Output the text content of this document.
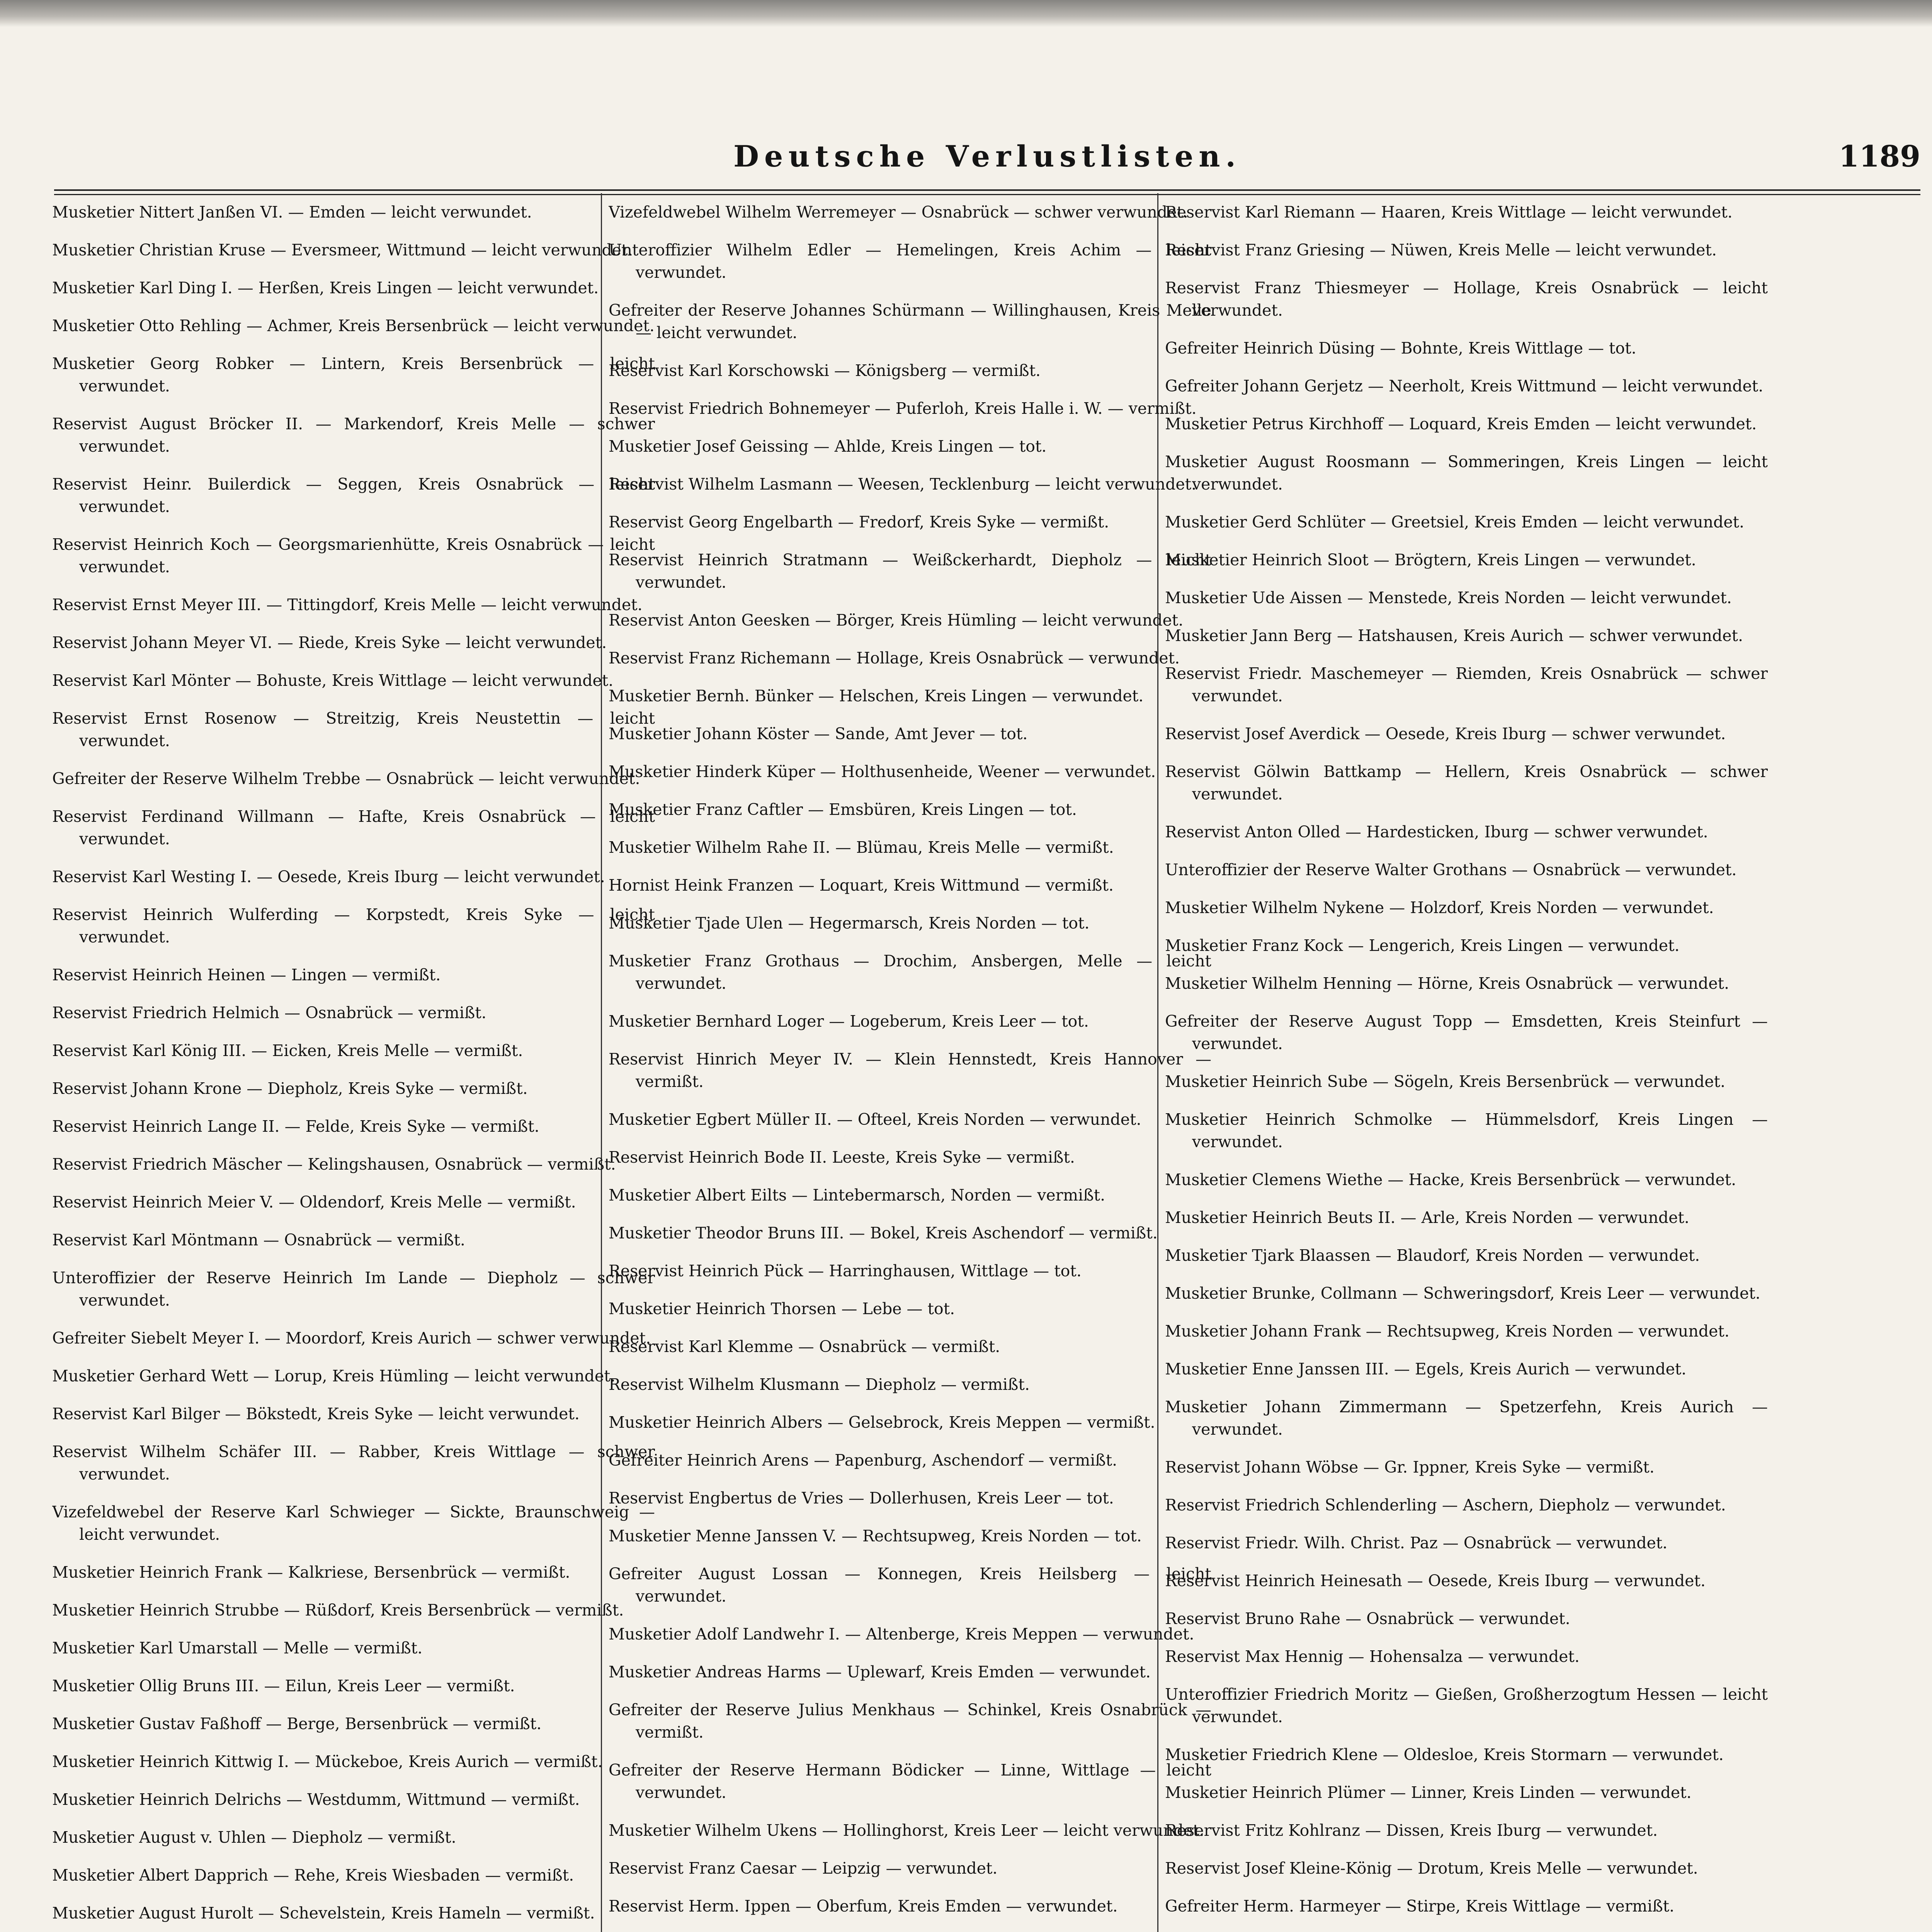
Deutsche Verlustlisten.	1189

Musketier Nittert Janßen VI. — Emden — leicht verwundet.

Musketier Christian Kruse — Eversmeer, Wittmund — leicht verwundet.

Musketier Karl Ding I. — Herßen, Kreis Lingen — leicht verwundet.

Musketier Otto Rehling — Achmer, Kreis Bersenbrück — leicht verwundet.

Musketier Georg Robker — Lintern, Kreis Bersenbrück — leicht verwundet.

Reservist August Bröcker II. — Markendorf, Kreis Melle — schwer verwundet.

Reservist Heinr. Builerdick — Seggen, Kreis Osnabrück — leicht verwundet.

Reservist Heinrich Koch — Georgsmarienhütte, Kreis Osnabrück — leicht verwundet.

Reservist Ernst Meyer III. — Tittingdorf, Kreis Melle — leicht verwundet.

Reservist Johann Meyer VI. — Riede, Kreis Syke — leicht verwundet.

Reservist Karl Mönter — Bohuste, Kreis Wittlage — leicht verwundet.

Reservist Ernst Rosenow — Streitzig, Kreis Neustettin — leicht verwundet.

Gefreiter der Reserve Wilhelm Trebbe — Osnabrück — leicht verwundet.

Reservist Ferdinand Willmann — Hafte, Kreis Osnabrück — leicht verwundet.

Reservist Karl Westing I. — Oesede, Kreis Iburg — leicht verwundet.

Reservist Heinrich Wulferding — Korpstedt, Kreis Syke — leicht verwundet.

Reservist Heinrich Heinen — Lingen — vermißt.

Reservist Friedrich Helmich — Osnabrück — vermißt.

Reservist Karl König III. — Eicken, Kreis Melle — vermißt.

Reservist Johann Krone — Diepholz, Kreis Syke — vermißt.

Reservist Heinrich Lange II. — Felde, Kreis Syke — vermißt.

Reservist Friedrich Mäscher — Kelingshausen, Osnabrück — vermißt.

Reservist Heinrich Meier V. — Oldendorf, Kreis Melle — vermißt.

Reservist Karl Möntmann — Osnabrück — vermißt.

Unteroffizier der Reserve Heinrich Im Lande — Diepholz — schwer verwundet.

Gefreiter Siebelt Meyer I. — Moordorf, Kreis Aurich — schwer verwundet.

Musketier Gerhard Wett — Lorup, Kreis Hümling — leicht verwundet.

Reservist Karl Bilger — Bökstedt, Kreis Syke — leicht verwundet.

Reservist Wilhelm Schäfer III. — Rabber, Kreis Wittlage — schwer verwundet.

Vizefeldwebel der Reserve Karl Schwieger — Sickte, Braunschweig — leicht verwundet.

Musketier Heinrich Frank — Kalkriese, Bersenbrück — vermißt.

Musketier Heinrich Strubbe — Rüßdorf, Kreis Bersenbrück — vermißt.

Musketier Karl Umarstall — Melle — vermißt.

Musketier Ollig Bruns III. — Eilun, Kreis Leer — vermißt.

Musketier Gustav Faßhoff — Berge, Bersenbrück — vermißt.

Musketier Heinrich Kittwig I. — Mückeboe, Kreis Aurich — vermißt.

Musketier Heinrich Delrichs — Westdumm, Wittmund — vermißt.

Musketier August v. Uhlen — Diepholz — vermißt.

Musketier Albert Dapprich — Rehe, Kreis Wiesbaden — vermißt.

Musketier August Hurolt — Schevelstein, Kreis Hameln — vermißt.

Vizefeldwebel Wilhelm Werremeyer — Osnabrück — schwer verwundet.

Unteroffizier Wilhelm Edler — Hemelingen, Kreis Achim — leicht verwundet.

Gefreiter der Reserve Johannes Schürmann — Willinghausen, Kreis Melle — leicht verwundet.

Reservist Karl Korschowski — Königsberg — vermißt.

Reservist Friedrich Bohnemeyer — Puferloh, Kreis Halle i. W. — vermißt.

Musketier Josef Geissing — Ahlde, Kreis Lingen — tot.

Reservist Wilhelm Lasmann — Weesen, Tecklenburg — leicht verwundet.

Reservist Georg Engelbarth — Fredorf, Kreis Syke — vermißt.

Reservist Heinrich Stratmann — Weißckerhardt, Diepholz — leicht verwundet.

Reservist Anton Geesken — Börger, Kreis Hümling — leicht verwundet.

Reservist Franz Richemann — Hollage, Kreis Osnabrück — verwundet.

Musketier Bernh. Bünker — Helschen, Kreis Lingen — verwundet.

Musketier Johann Köster — Sande, Amt Jever — tot.

Musketier Hinderk Küper — Holthusenheide, Weener — verwundet.

Musketier Franz Caftler — Emsbüren, Kreis Lingen — tot.

Musketier Wilhelm Rahe II. — Blümau, Kreis Melle — vermißt.

Hornist Heink Franzen — Loquart, Kreis Wittmund — vermißt.

Musketier Tjade Ulen — Hegermarsch, Kreis Norden — tot.

Musketier Franz Grothaus — Drochim, Ansbergen, Melle — leicht verwundet.

Musketier Bernhard Loger — Logeberum, Kreis Leer — tot.

Reservist Hinrich Meyer IV. — Klein Hennstedt, Kreis Hannover — vermißt.

Musketier Egbert Müller II. — Ofteel, Kreis Norden — verwundet.

Reservist Heinrich Bode II. Leeste, Kreis Syke — vermißt.

Musketier Albert Eilts — Lintebermarsch, Norden — vermißt.

Musketier Theodor Bruns III. — Bokel, Kreis Aschendorf — vermißt.

Reservist Heinrich Pück — Harringhausen, Wittlage — tot.

Musketier Heinrich Thorsen — Lebe — tot.

Reservist Karl Klemme — Osnabrück — vermißt.

Reservist Wilhelm Klusmann — Diepholz — vermißt.

Musketier Heinrich Albers — Gelsebrock, Kreis Meppen — vermißt.

Gefreiter Heinrich Arens — Papenburg, Aschendorf — vermißt.

Reservist Engbertus de Vries — Dollerhusen, Kreis Leer — tot.

Musketier Menne Janssen V. — Rechtsupweg, Kreis Norden — tot.

Gefreiter August Lossan — Konnegen, Kreis Heilsberg — leicht verwundet.

Musketier Adolf Landwehr I. — Altenberge, Kreis Meppen — verwundet.

Musketier Andreas Harms — Uplewarf, Kreis Emden — verwundet.

Gefreiter der Reserve Julius Menkhaus — Schinkel, Kreis Osnabrück — vermißt.

Gefreiter der Reserve Hermann Bödicker — Linne, Wittlage — leicht verwundet.

Musketier Wilhelm Ukens — Hollinghorst, Kreis Leer — leicht verwundet.

Reservist Franz Caesar — Leipzig — verwundet.

Reservist Herm. Ippen — Oberfum, Kreis Emden — verwundet.

Reservist Karl Riemann — Haaren, Kreis Wittlage — leicht verwundet.

Reservist Franz Griesing — Nüwen, Kreis Melle — leicht verwundet.

Reservist Franz Thiesmeyer — Hollage, Kreis Osnabrück — leicht verwundet.

Gefreiter Heinrich Düsing — Bohnte, Kreis Wittlage — tot.

Gefreiter Johann Gerjetz — Neerholt, Kreis Wittmund — leicht verwundet.

Musketier Petrus Kirchhoff — Loquard, Kreis Emden — leicht verwundet.

Musketier August Roosmann — Sommeringen, Kreis Lingen — leicht verwundet.

Musketier Gerd Schlüter — Greetsiel, Kreis Emden — leicht verwundet.

Musketier Heinrich Sloot — Brögtern, Kreis Lingen — verwundet.

Musketier Ude Aissen — Menstede, Kreis Norden — leicht verwundet.

Musketier Jann Berg — Hatshausen, Kreis Aurich — schwer verwundet.

Reservist Friedr. Maschemeyer — Riemden, Kreis Osnabrück — schwer verwundet.

Reservist Josef Averdick — Oesede, Kreis Iburg — schwer verwundet.

Reservist Gölwin Battkamp — Hellern, Kreis Osnabrück — schwer verwundet.

Reservist Anton Olled — Hardesticken, Iburg — schwer verwundet.

Unteroffizier der Reserve Walter Grothans — Osnabrück — verwundet.

Musketier Wilhelm Nykene — Holzdorf, Kreis Norden — verwundet.

Musketier Franz Kock — Lengerich, Kreis Lingen — verwundet.

Musketier Wilhelm Henning — Hörne, Kreis Osnabrück — verwundet.

Gefreiter der Reserve August Topp — Emsdetten, Kreis Steinfurt — verwundet.

Musketier Heinrich Sube — Sögeln, Kreis Bersenbrück — verwundet.

Musketier Heinrich Schmolke — Hümmelsdorf, Kreis Lingen — verwundet.

Musketier Clemens Wiethe — Hacke, Kreis Bersenbrück — verwundet.

Musketier Heinrich Beuts II. — Arle, Kreis Norden — verwundet.

Musketier Tjark Blaassen — Blaudorf, Kreis Norden — verwundet.

Musketier Brunke, Collmann — Schweringsdorf, Kreis Leer — verwundet.

Musketier Johann Frank — Rechtsupweg, Kreis Norden — verwundet.

Musketier Enne Janssen III. — Egels, Kreis Aurich — verwundet.

Musketier Johann Zimmermann — Spetzerfehn, Kreis Aurich — verwundet.

Reservist Johann Wöbse — Gr. Ippner, Kreis Syke — vermißt.

Reservist Friedrich Schlenderling — Aschern, Diepholz — verwundet.

Reservist Friedr. Wilh. Christ. Paz — Osnabrück — verwundet.

Reservist Heinrich Heinesath — Oesede, Kreis Iburg — verwundet.

Reservist Bruno Rahe — Osnabrück — verwundet.

Reservist Max Hennig — Hohensalza — verwundet.

Unteroffizier Friedrich Moritz — Gießen, Großherzogtum Hessen — leicht verwundet.

Musketier Friedrich Klene — Oldesloe, Kreis Stormarn — verwundet.

Musketier Heinrich Plümer — Linner, Kreis Linden — verwundet.

Reservist Fritz Kohlranz — Dissen, Kreis Iburg — verwundet.

Reservist Josef Kleine-König — Drotum, Kreis Melle — verwundet.

Gefreiter Herm. Harmeyer — Stirpe, Kreis Wittlage — vermißt.
